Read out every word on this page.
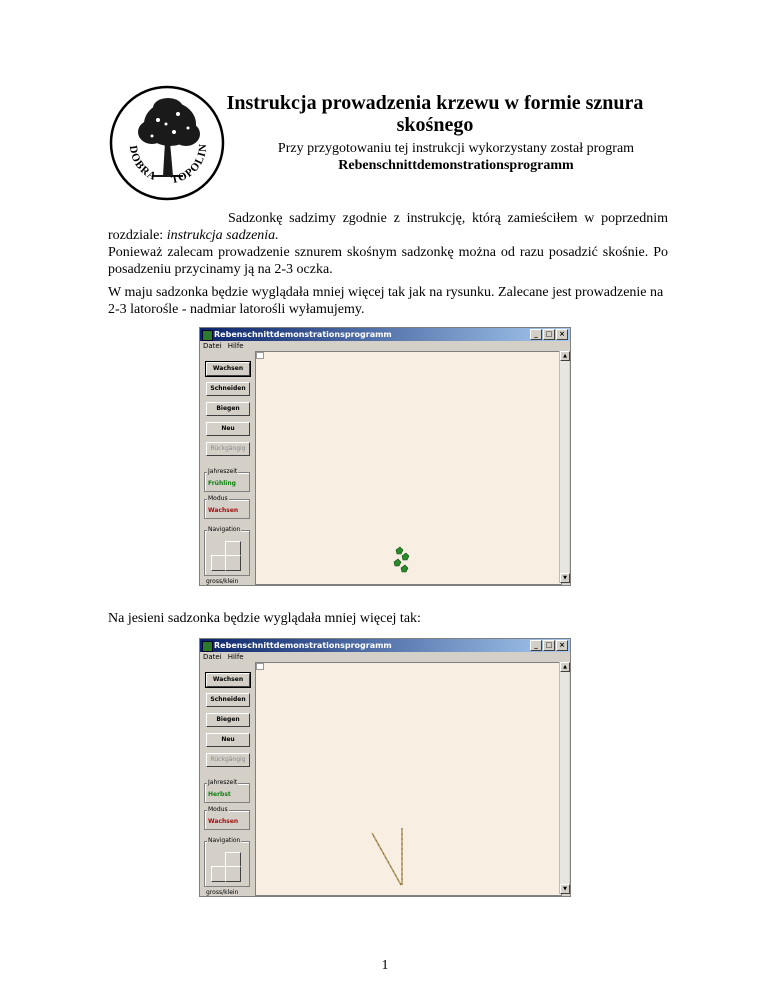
DOBRA TOPOLIN
Instrukcja prowadzenia krzewu w formie sznura skośnego
Przy przygotowaniu tej instrukcji wykorzystany został program
Rebenschnittdemonstrationsprogramm
Sadzonkę sadzimy zgodnie z instrukcję, którą zamieściłem w poprzednim rozdziale: instrukcja sadzenia.
Ponieważ zalecam prowadzenie sznurem skośnym sadzonkę można od razu posadzić skośnie. Po posadzeniu przycinamy ją na 2-3 oczka.
W maju sadzonka będzie wyglądała mniej więcej tak jak na rysunku. Zalecane jest prowadzenie na 2-3 latorośle - nadmiar latorośli wyłamujemy.
Rebenschnittdemonstrationsprogramm	_	□ ×
Datei Hilfe
Wachsen
Schneiden
Biegen
Neu
Rückgängig
Jahreszeit
Frühling
Modus
Wachsen
Navigation
gross/klein
▲
▼
Na jesieni sadzonka będzie wyglądała mniej więcej tak:
Rebenschnittdemonstrationsprogramm	_	□ ×
Datei Hilfe
Wachsen
Schneiden
Biegen
Neu
Rückgängig
Jahreszeit
Herbst
Modus
Wachsen
Navigation
gross/klein
▲
▼
1
